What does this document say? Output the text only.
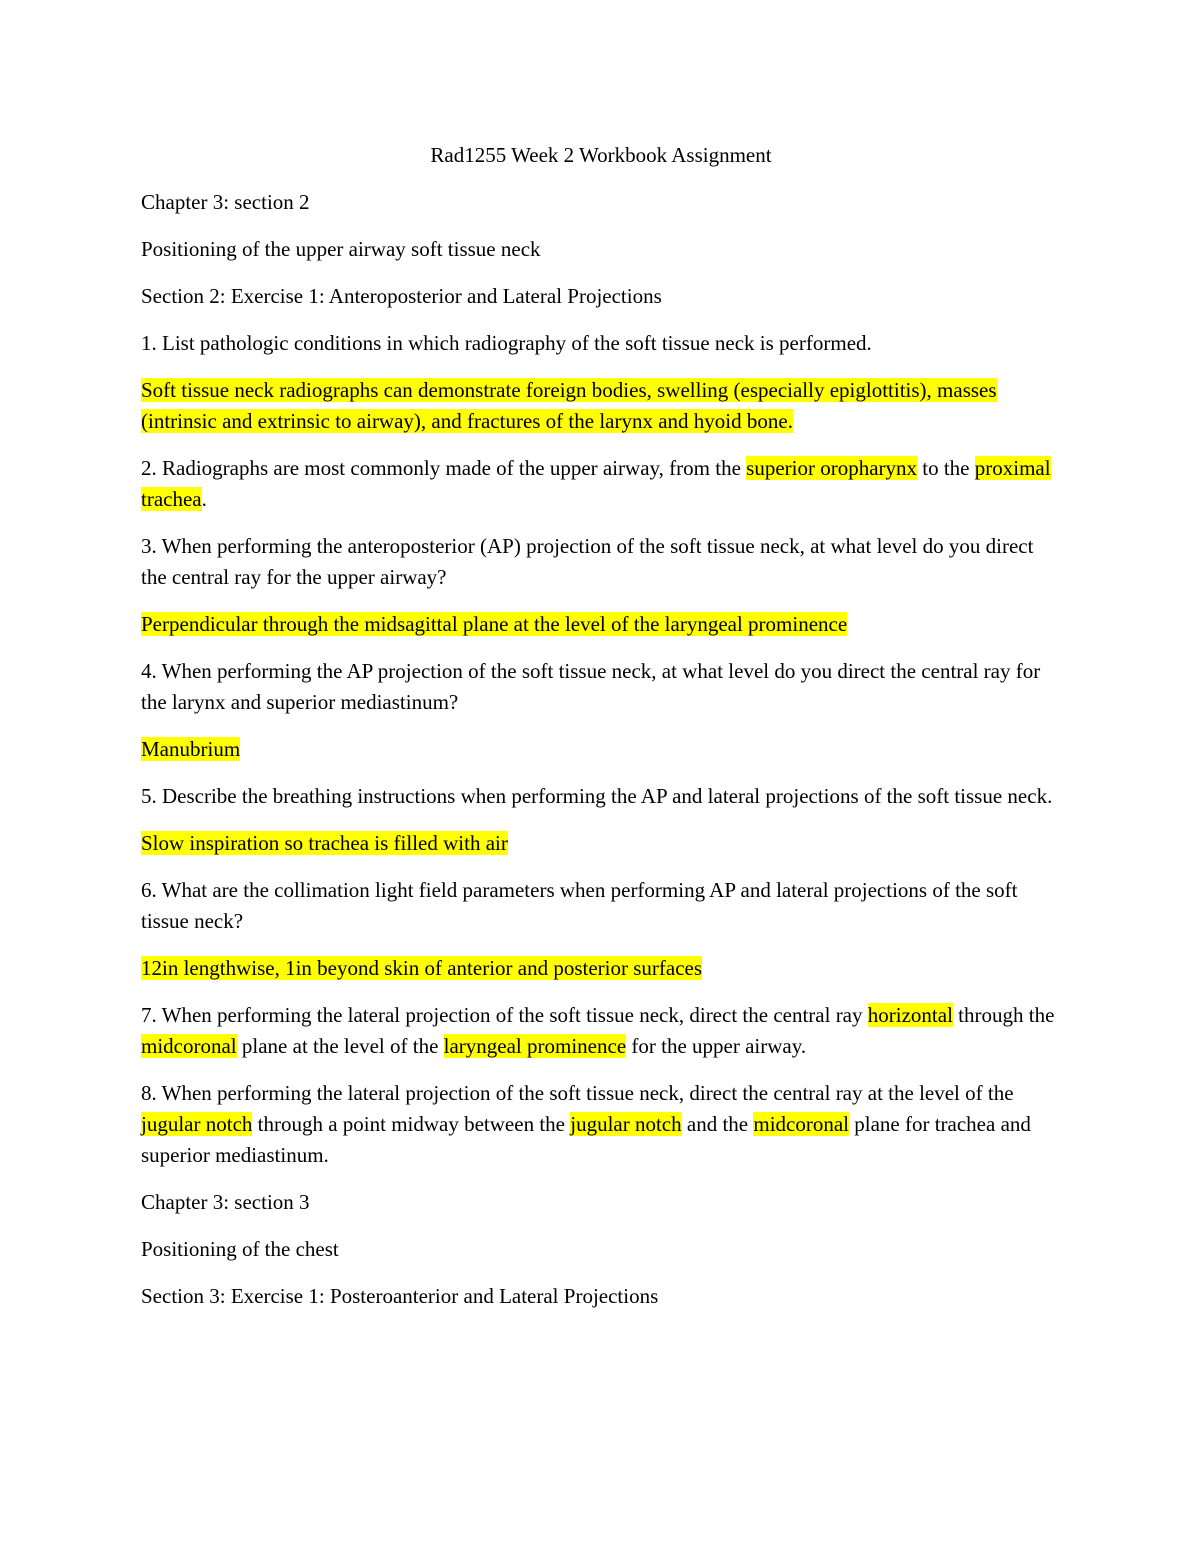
Rad1255 Week 2 Workbook Assignment

Chapter 3: section 2

Positioning of the upper airway soft tissue neck

Section 2: Exercise 1: Anteroposterior and Lateral Projections

1. List pathologic conditions in which radiography of the soft tissue neck is performed.

Soft tissue neck radiographs can demonstrate foreign bodies, swelling (especially epiglottitis), masses (intrinsic and extrinsic to airway), and fractures of the larynx and hyoid bone.

2. Radiographs are most commonly made of the upper airway, from the superior oropharynx to the proximal trachea.

3. When performing the anteroposterior (AP) projection of the soft tissue neck, at what level do you direct the central ray for the upper airway?

Perpendicular through the midsagittal plane at the level of the laryngeal prominence

4. When performing the AP projection of the soft tissue neck, at what level do you direct the central ray for the larynx and superior mediastinum?

Manubrium

5. Describe the breathing instructions when performing the AP and lateral projections of the soft tissue neck.

Slow inspiration so trachea is filled with air

6. What are the collimation light field parameters when performing AP and lateral projections of the soft tissue neck?

12in lengthwise, 1in beyond skin of anterior and posterior surfaces

7. When performing the lateral projection of the soft tissue neck, direct the central ray horizontal through the midcoronal plane at the level of the laryngeal prominence for the upper airway.

8. When performing the lateral projection of the soft tissue neck, direct the central ray at the level of the jugular notch through a point midway between the jugular notch and the midcoronal plane for trachea and superior mediastinum.

Chapter 3: section 3

Positioning of the chest

Section 3: Exercise 1: Posteroanterior and Lateral Projections
